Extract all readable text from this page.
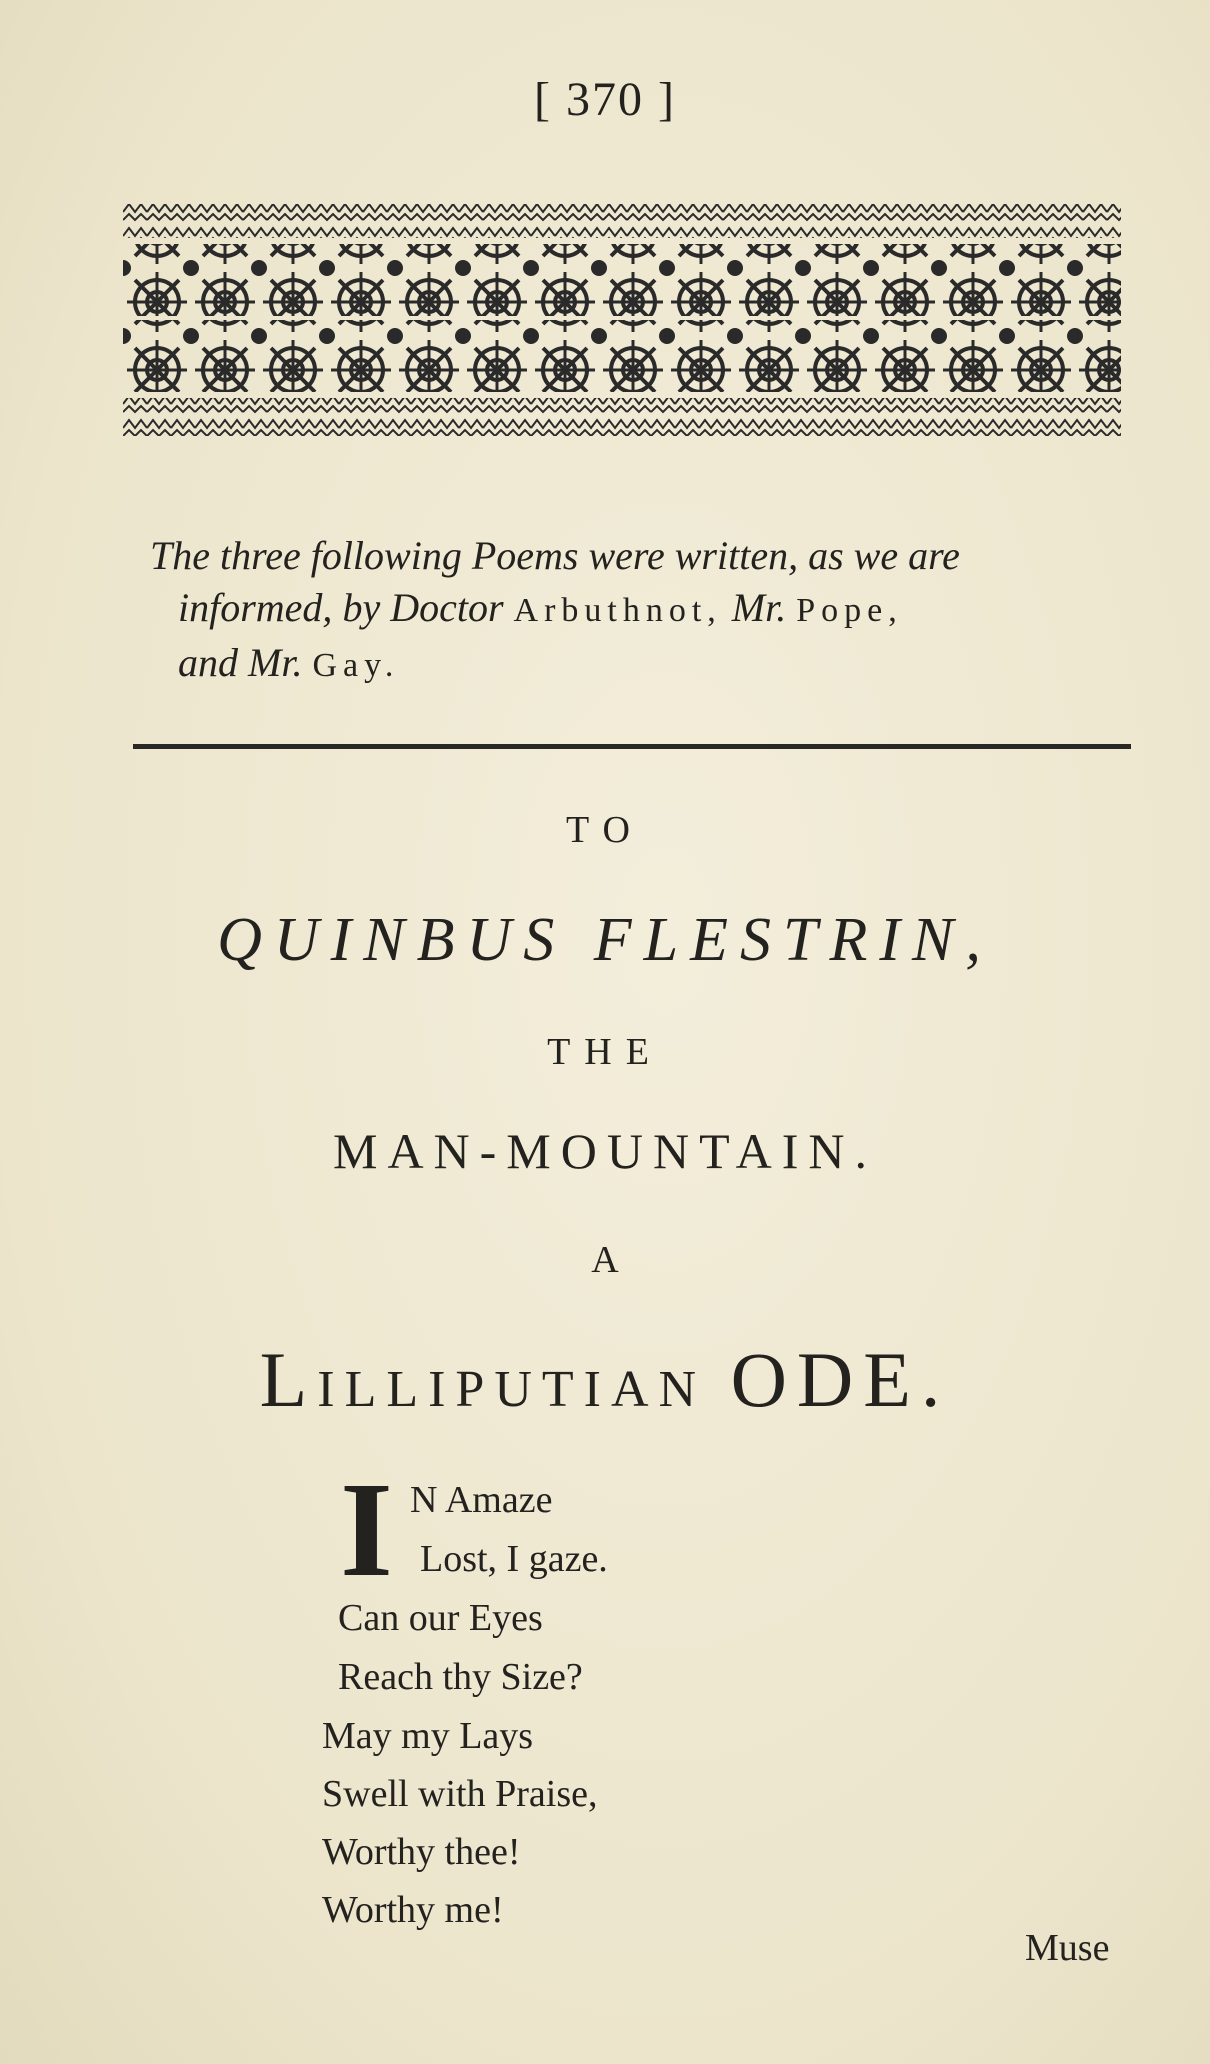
[ 370 ]
The three following Poems were written, as we are
informed, by Doctor Arbuthnot, Mr. Pope,
and Mr. Gay.
TO
QUINBUS FLESTRIN,
THE
MAN-MOUNTAIN.
A
LILLIPUTIAN ODE.
I N Amaze
Lost, I gaze.
Can our Eyes
Reach thy Size?
May my Lays
Swell with Praise,
Worthy thee!
Worthy me!
Muse
